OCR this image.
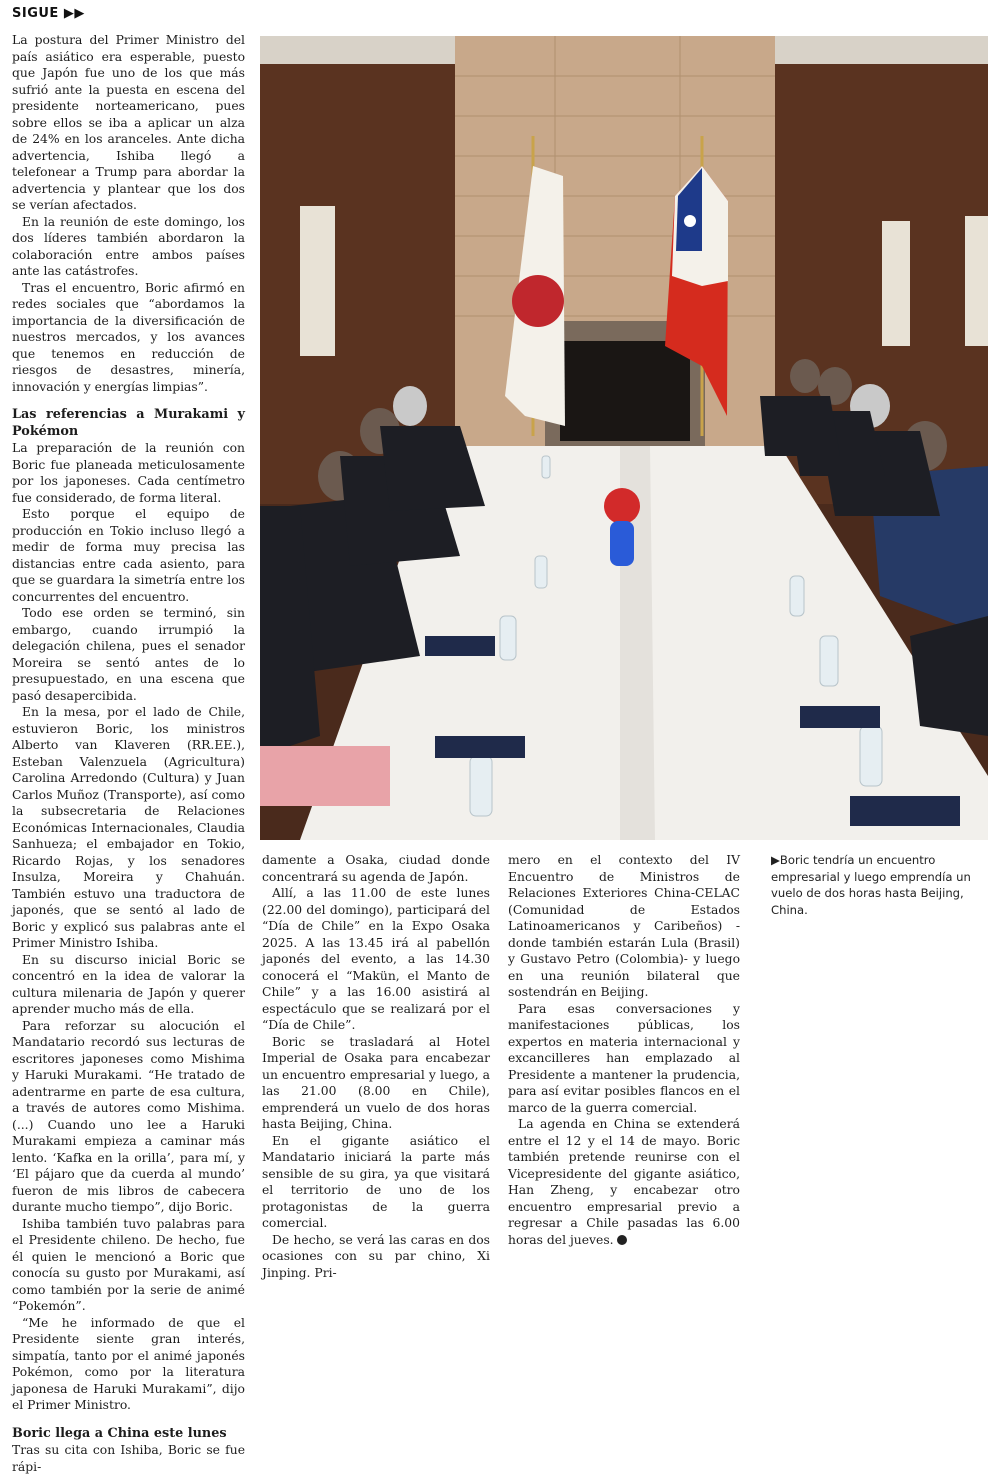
SIGUE ▶▶

La postura del Primer Ministro del país asiático era esperable, puesto que Japón fue uno de los que más sufrió ante la puesta en escena del presidente norteamericano, pues sobre ellos se iba a aplicar un alza de 24% en los aranceles. Ante dicha advertencia, Ishiba llegó a telefonear a Trump para abordar la advertencia y plantear que los dos se verían afectados.

En la reunión de este domingo, los dos líderes también abordaron la colaboración entre ambos países ante las catástrofes.

Tras el encuentro, Boric afirmó en redes sociales que “abordamos la importancia de la diversificación de nuestros mercados, y los avances que tenemos en reducción de riesgos de desastres, minería, innovación y energías limpias”.

Las referencias a Murakami y Pokémon

La preparación de la reunión con Boric fue planeada meticulosamente por los japoneses. Cada centímetro fue considerado, de forma literal.

Esto porque el equipo de producción en Tokio incluso llegó a medir de forma muy precisa las distancias entre cada asiento, para que se guardara la simetría entre los concurrentes del encuentro.

Todo ese orden se terminó, sin embargo, cuando irrumpió la delegación chilena, pues el senador Moreira se sentó antes de lo presupuestado, en una escena que pasó desapercibida.

En la mesa, por el lado de Chile, estuvieron Boric, los ministros Alberto van Klaveren (RR.EE.), Esteban Valenzuela (Agricultura) Carolina Arredondo (Cultura) y Juan Carlos Muñoz (Transporte), así como la subsecretaria de Relaciones Económicas Internacionales, Claudia Sanhueza; el embajador en Tokio, Ricardo Rojas, y los senadores Insulza, Moreira y Chahuán. También estuvo una traductora de japonés, que se sentó al lado de Boric y explicó sus palabras ante el Primer Ministro Ishiba.

En su discurso inicial Boric se concentró en la idea de valorar la cultura milenaria de Japón y querer aprender mucho más de ella.

Para reforzar su alocución el Mandatario recordó sus lecturas de escritores japoneses como Mishima y Haruki Murakami. “He tratado de adentrarme en parte de esa cultura, a través de autores como Mishima. (...) Cuando uno lee a Haruki Murakami empieza a caminar más lento. ‘Kafka en la orilla’, para mí, y ‘El pájaro que da cuerda al mundo’ fueron de mis libros de cabecera durante mucho tiempo”, dijo Boric.

Ishiba también tuvo palabras para el Presidente chileno. De hecho, fue él quien le mencionó a Boric que conocía su gusto por Murakami, así como también por la serie de animé “Pokemón”.

“Me he informado de que el Presidente siente gran interés, simpatía, tanto por el animé japonés Pokémon, como por la literatura japonesa de Haruki Murakami”, dijo el Primer Ministro.

Boric llega a China este lunes

Tras su cita con Ishiba, Boric se fue rápi-

damente a Osaka, ciudad donde concentrará su agenda de Japón.

Allí, a las 11.00 de este lunes (22.00 del domingo), participará del “Día de Chile” en la Expo Osaka 2025. A las 13.45 irá al pabellón japonés del evento, a las 14.30 conocerá el “Makün, el Manto de Chile” y a las 16.00 asistirá al espectáculo que se realizará por el “Día de Chile”.

Boric se trasladará al Hotel Imperial de Osaka para encabezar un encuentro empresarial y luego, a las 21.00 (8.00 en Chile), emprenderá un vuelo de dos horas hasta Beijing, China.

En el gigante asiático el Mandatario iniciará la parte más sensible de su gira, ya que visitará el territorio de uno de los protagonistas de la guerra comercial.

De hecho, se verá las caras en dos ocasiones con su par chino, Xi Jinping. Pri-

mero en el contexto del IV Encuentro de Ministros de Relaciones Exteriores China-CELAC (Comunidad de Estados Latinoamericanos y Caribeños) -donde también estarán Lula (Brasil) y Gustavo Petro (Colombia)- y luego en una reunión bilateral que sostendrán en Beijing.

Para esas conversaciones y manifestaciones públicas, los expertos en materia internacional y excancilleres han emplazado al Presidente a mantener la prudencia, para así evitar posibles flancos en el marco de la guerra comercial.

La agenda en China se extenderá entre el 12 y el 14 de mayo. Boric también pretende reunirse con el Vicepresidente del gigante asiático, Han Zheng, y encabezar otro encuentro empresarial previo a regresar a Chile pasadas las 6.00 horas del jueves.

▶Boric tendría un encuentro empresarial y luego emprendía un vuelo de dos horas hasta Beijing, China.
